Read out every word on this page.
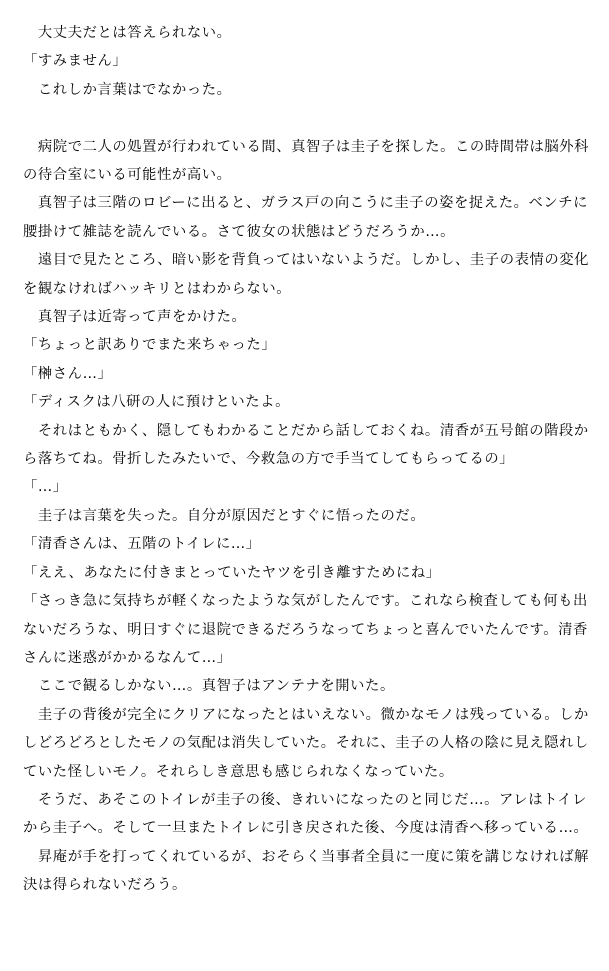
　大丈夫だとは答えられない。

「すみません」

　これしか言葉はでなかった。

　病院で二人の処置が行われている間、真智子は圭子を探した。この時間帯は脳外科の待合室にいる可能性が高い。

　真智子は三階のロビーに出ると、ガラス戸の向こうに圭子の姿を捉えた。ベンチに腰掛けて雑誌を読んでいる。さて彼女の状態はどうだろうか…。

　遠目で見たところ、暗い影を背負ってはいないようだ。しかし、圭子の表情の変化を観なければハッキリとはわからない。

　真智子は近寄って声をかけた。

「ちょっと訳ありでまた来ちゃった」

「榊さん…」

「ディスクは八研の人に預けといたよ。

　それはともかく、隠してもわかることだから話しておくね。清香が五号館の階段から落ちてね。骨折したみたいで、今救急の方で手当てしてもらってるの」

「…」

　圭子は言葉を失った。自分が原因だとすぐに悟ったのだ。

「清香さんは、五階のトイレに…」

「ええ、あなたに付きまとっていたヤツを引き離すためにね」

「さっき急に気持ちが軽くなったような気がしたんです。これなら検査しても何も出ないだろうな、明日すぐに退院できるだろうなってちょっと喜んでいたんです。清香さんに迷惑がかかるなんて…」

　ここで観るしかない…。真智子はアンテナを開いた。

　圭子の背後が完全にクリアになったとはいえない。微かなモノは残っている。しかしどろどろとしたモノの気配は消失していた。それに、圭子の人格の陰に見え隠れしていた怪しいモノ。それらしき意思も感じられなくなっていた。

　そうだ、あそこのトイレが圭子の後、きれいになったのと同じだ…。アレはトイレから圭子へ。そして一旦またトイレに引き戻された後、今度は清香へ移っている…。

　昇庵が手を打ってくれているが、おそらく当事者全員に一度に策を講じなければ解決は得られないだろう。
